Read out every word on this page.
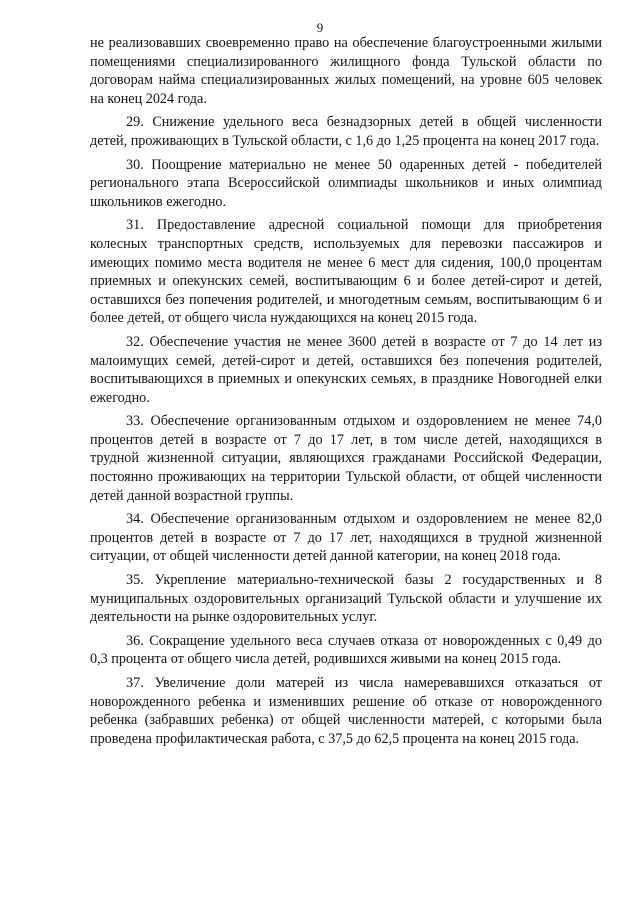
9

не реализовавших своевременно право на обеспечение благоустроенными жилыми помещениями специализированного жилищного фонда Тульской области по договорам найма специализированных жилых помещений, на уровне 605 человек на конец 2024 года.

29. Снижение удельного веса безнадзорных детей в общей численности детей, проживающих в Тульской области, с 1,6 до 1,25 процента на конец 2017 года.

30. Поощрение материально не менее 50 одаренных детей - победителей регионального этапа Всероссийской олимпиады школьников и иных олимпиад школьников ежегодно.

31. Предоставление адресной социальной помощи для приобретения колесных транспортных средств, используемых для перевозки пассажиров и имеющих помимо места водителя не менее 6 мест для сидения, 100,0 процентам приемных и опекунских семей, воспитывающим 6 и более детей-сирот и детей, оставшихся без попечения родителей, и многодетным семьям, воспитывающим 6 и более детей, от общего числа нуждающихся на конец 2015 года.

32. Обеспечение участия не менее 3600 детей в возрасте от 7 до 14 лет из малоимущих семей, детей-сирот и детей, оставшихся без попечения родителей, воспитывающихся в приемных и опекунских семьях, в празднике Новогодней елки ежегодно.

33. Обеспечение организованным отдыхом и оздоровлением не менее 74,0 процентов детей в возрасте от 7 до 17 лет, в том числе детей, находящихся в трудной жизненной ситуации, являющихся гражданами Российской Федерации, постоянно проживающих на территории Тульской области, от общей численности детей данной возрастной группы.

34. Обеспечение организованным отдыхом и оздоровлением не менее 82,0 процентов детей в возрасте от 7 до 17 лет, находящихся в трудной жизненной ситуации, от общей численности детей данной категории, на конец 2018 года.

35. Укрепление материально-технической базы 2 государственных и 8 муниципальных оздоровительных организаций Тульской области и улучшение их деятельности на рынке оздоровительных услуг.

36. Сокращение удельного веса случаев отказа от новорожденных с 0,49 до 0,3 процента от общего числа детей, родившихся живыми на конец 2015 года.

37. Увеличение доли матерей из числа намеревавшихся отказаться от новорожденного ребенка и изменивших решение об отказе от новорожденного ребенка (забравших ребенка) от общей численности матерей, с которыми была проведена профилактическая работа, с 37,5 до 62,5 процента на конец 2015 года.
